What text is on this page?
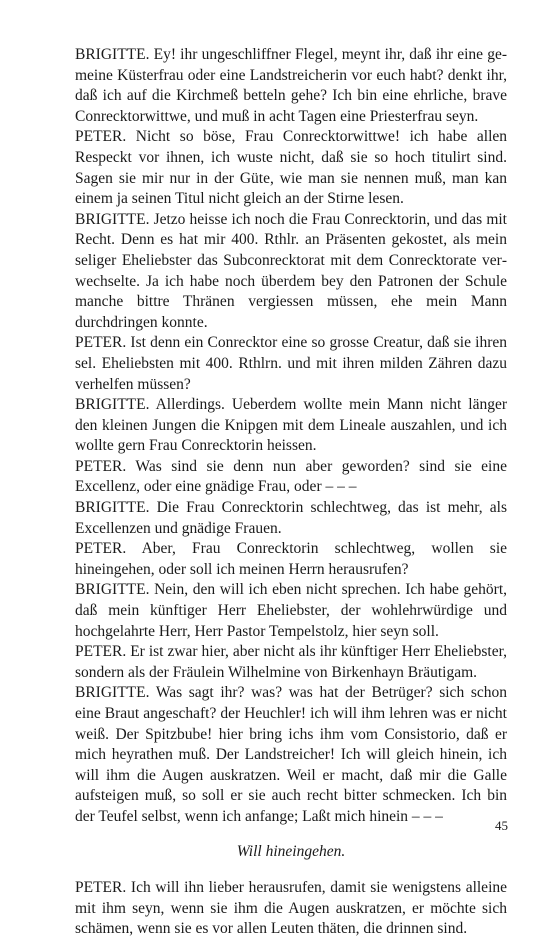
BRIGITTE. Ey! ihr ungeschliffner Flegel, meynt ihr, daß ihr eine gemeine Küsterfrau oder eine Landstreicherin vor euch habt? denkt ihr, daß ich auf die Kirchmeß betteln gehe? Ich bin eine ehrliche, brave Conrecktorwittwe, und muß in acht Tagen eine Priesterfrau seyn.

PETER. Nicht so böse, Frau Conrecktorwittwe! ich habe allen Respeckt vor ihnen, ich wuste nicht, daß sie so hoch titulirt sind. Sagen sie mir nur in der Güte, wie man sie nennen muß, man kan einem ja seinen Titul nicht gleich an der Stirne lesen.

BRIGITTE. Jetzo heisse ich noch die Frau Conrecktorin, und das mit Recht. Denn es hat mir 400. Rthlr. an Präsenten gekostet, als mein seliger Eheliebster das Subconrecktorat mit dem Conrecktorate verwechselte. Ja ich habe noch überdem bey den Patronen der Schule manche bittre Thränen vergiessen müssen, ehe mein Mann durchdringen konnte.

PETER. Ist denn ein Conrecktor eine so grosse Creatur, daß sie ihren sel. Eheliebsten mit 400. Rthlrn. und mit ihren milden Zähren dazu verhelfen müssen?

BRIGITTE. Allerdings. Ueberdem wollte mein Mann nicht länger den kleinen Jungen die Knipgen mit dem Lineale auszahlen, und ich wollte gern Frau Conrecktorin heissen.

PETER. Was sind sie denn nun aber geworden? sind sie eine Excellenz, oder eine gnädige Frau, oder – – –

BRIGITTE. Die Frau Conrecktorin schlechtweg, das ist mehr, als Excellenzen und gnädige Frauen.

PETER. Aber, Frau Conrecktorin schlechtweg, wollen sie hineingehen, oder soll ich meinen Herrn herausrufen?

BRIGITTE. Nein, den will ich eben nicht sprechen. Ich habe gehört, daß mein künftiger Herr Eheliebster, der wohlehrwürdige und hochgelahrte Herr, Herr Pastor Tempelstolz, hier seyn soll.

PETER. Er ist zwar hier, aber nicht als ihr künftiger Herr Eheliebster, sondern als der Fräulein Wilhelmine von Birkenhayn Bräutigam.

BRIGITTE. Was sagt ihr? was? was hat der Betrüger? sich schon eine Braut angeschaft? der Heuchler! ich will ihm lehren was er nicht weiß. Der Spitzbube! hier bring ichs ihm vom Consistorio, daß er mich heyrathen muß. Der Landstreicher! Ich will gleich hinein, ich will ihm die Augen auskratzen. Weil er macht, daß mir die Galle aufsteigen muß, so soll er sie auch recht bitter schmecken. Ich bin der Teufel selbst, wenn ich anfange; Laßt mich hinein – – –

Will hineingehen.

PETER. Ich will ihn lieber herausrufen, damit sie wenigstens alleine mit ihm seyn, wenn sie ihm die Augen auskratzen, er möchte sich schämen, wenn sie es vor allen Leuten thäten, die drinnen sind.

45
